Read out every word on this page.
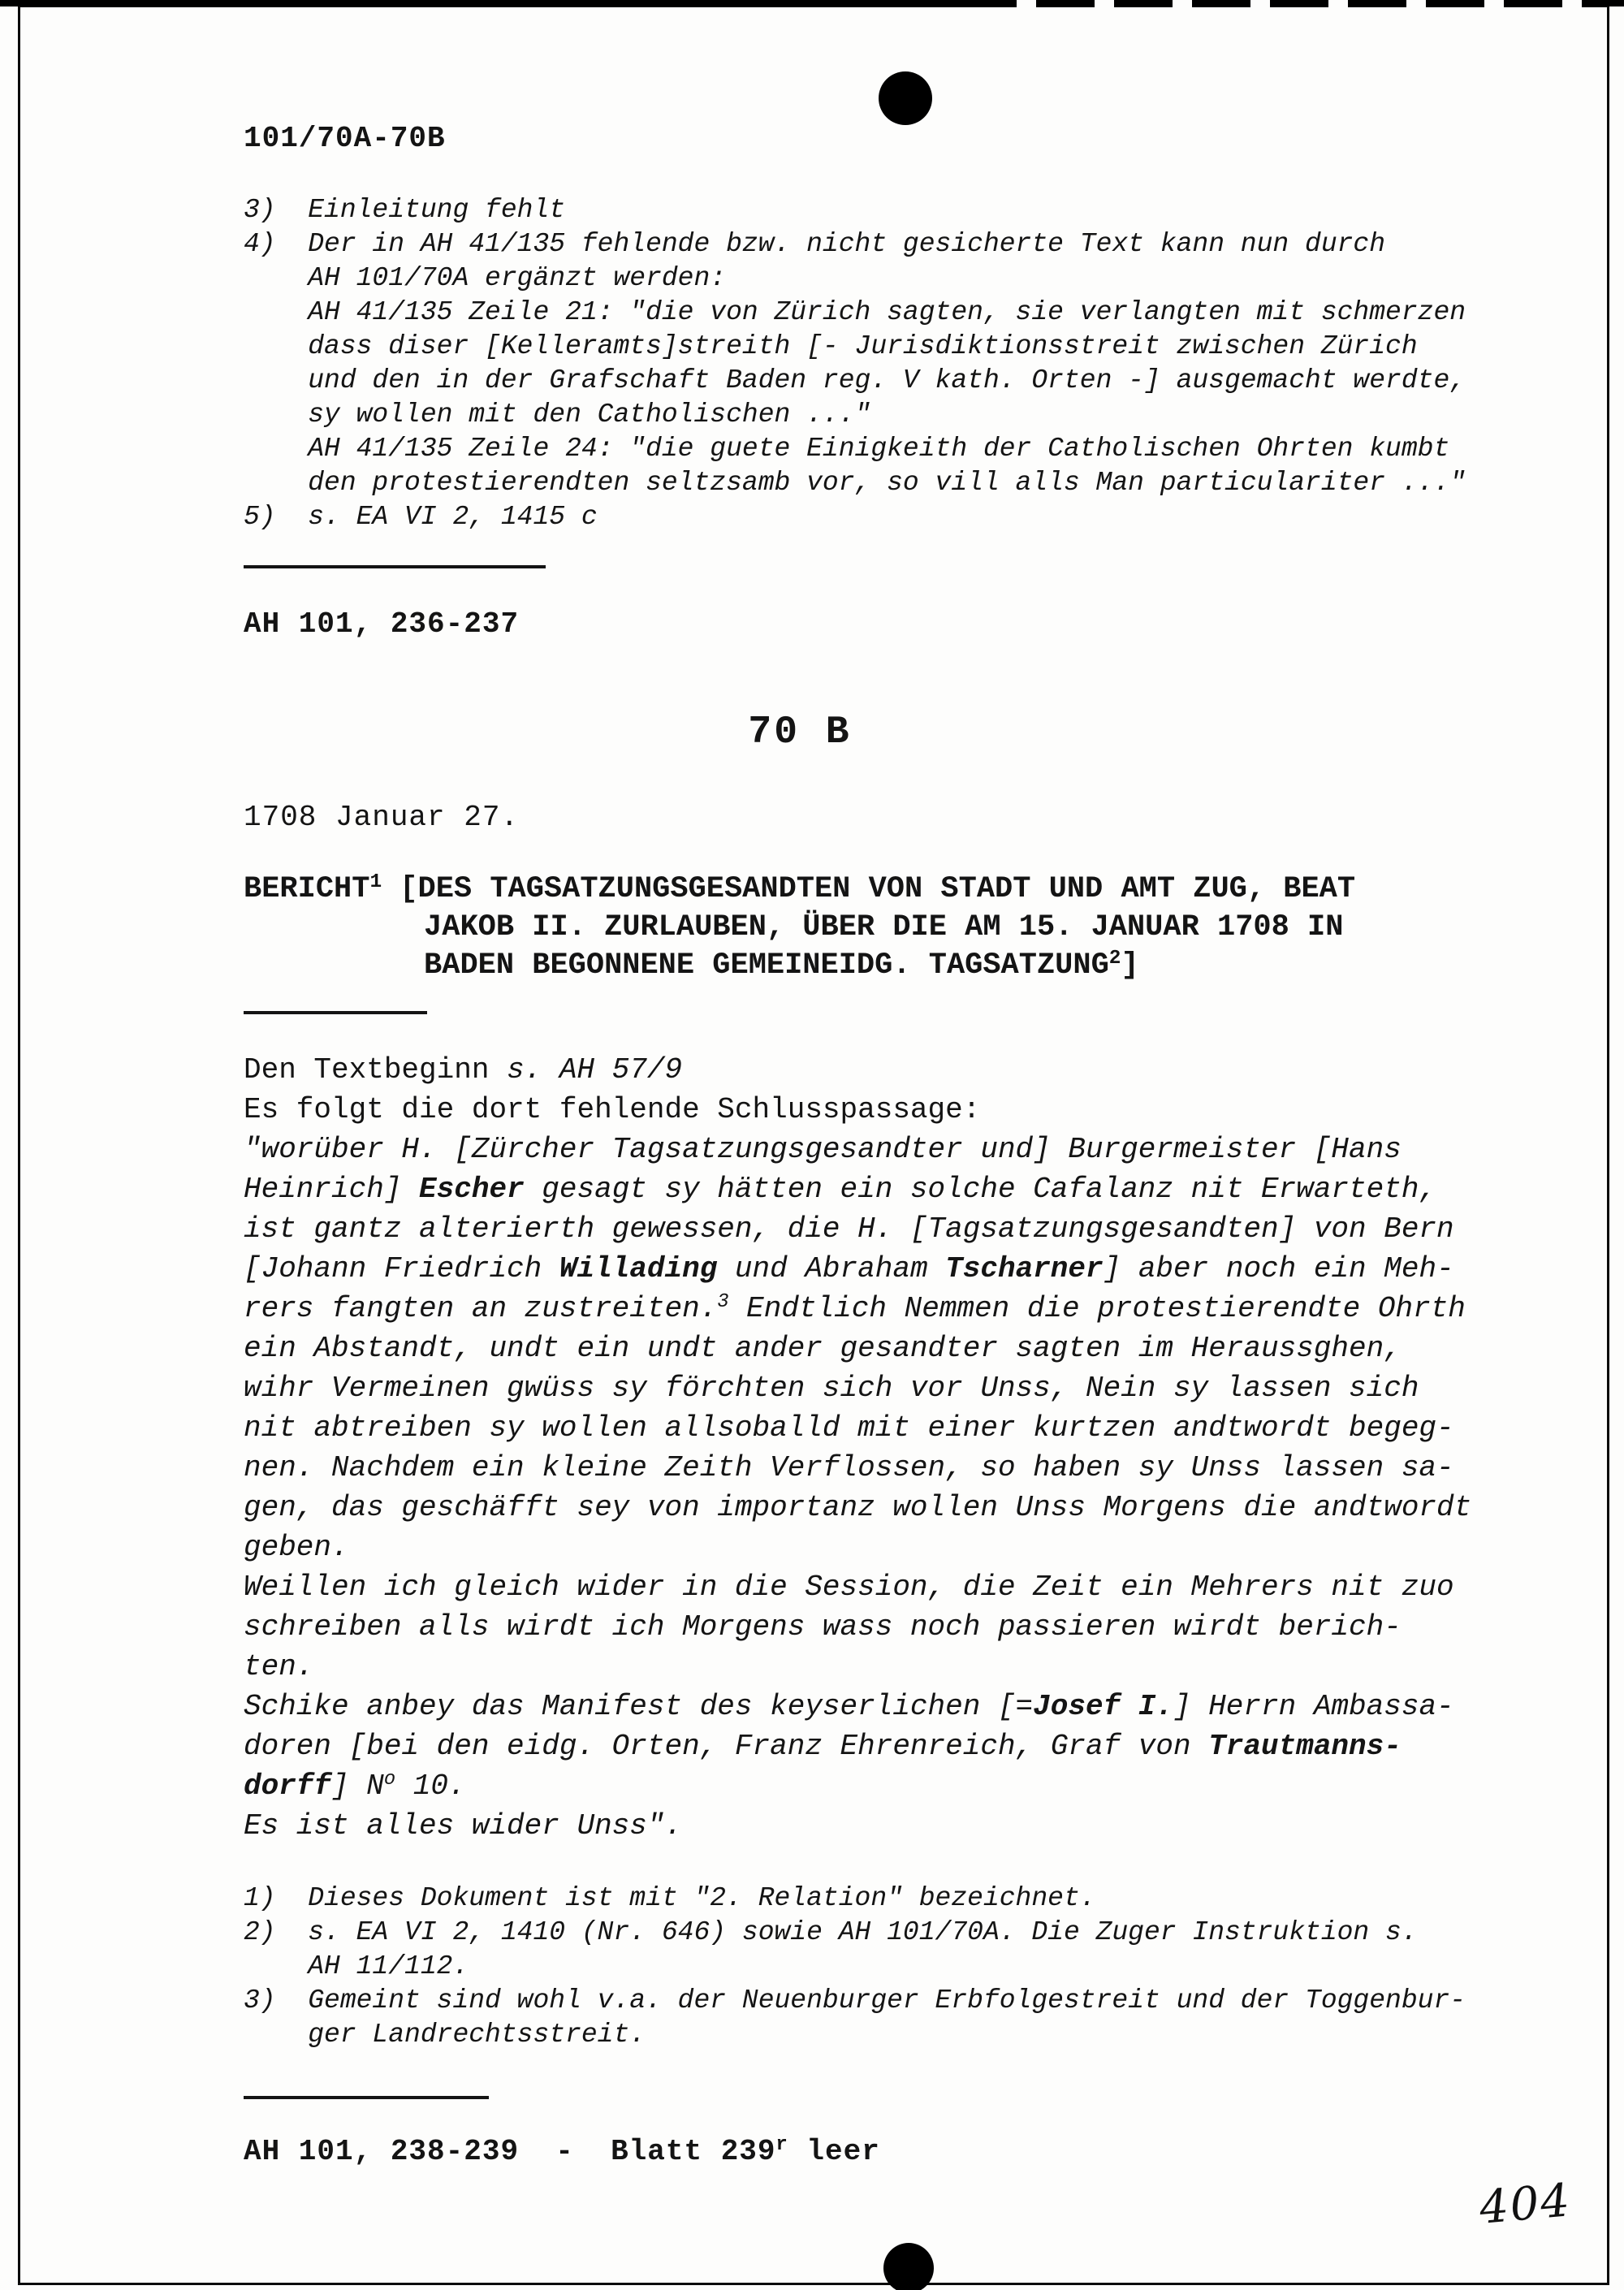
101/70A-70B
3)  Einleitung fehlt
4)  Der in AH 41/135 fehlende bzw. nicht gesicherte Text kann nun durch
AH 101/70A ergänzt werden:
AH 41/135 Zeile 21: "die von Zürich sagten, sie verlangten mit schmerzen
dass diser [Kelleramts]streith [- Jurisdiktionsstreit zwischen Zürich
und den in der Grafschaft Baden reg. V kath. Orten -] ausgemacht werdte,
sy wollen mit den Catholischen ..."
AH 41/135 Zeile 24: "die guete Einigkeith der Catholischen Ohrten kumbt
den protestierendten seltzsamb vor, so vill alls Man particulariter ..."
5)  s. EA VI 2, 1415 c
AH 101, 236-237
70 B
1708 Januar 27.
BERICHT$^1$ [DES TAGSATZUNGSGESANDTEN VON STADT UND AMT ZUG, BEAT
JAKOB II. ZURLAUBEN, ÜBER DIE AM 15. JANUAR 1708 IN
BADEN BEGONNENE GEMEINEIDG. TAGSATZUNG$^2$]
Den Textbeginn s. AH 57/9
Es folgt die dort fehlende Schlusspassage:
"worüber H. [Zürcher Tagsatzungsgesandter und] Burgermeister [Hans
Heinrich] Escher gesagt sy hätten ein solche Cafalanz nit Erwarteth,
ist gantz alterierth gewessen, die H. [Tagsatzungsgesandten] von Bern
[Johann Friedrich Willading und Abraham Tscharner] aber noch ein Meh-
rers fangten an zustreiten.$^3$ Endtlich Nemmen die protestierendte Ohrth
ein Abstandt, undt ein undt ander gesandter sagten im Heraussghen,
wihr Vermeinen gwüss sy förchten sich vor Unss, Nein sy lassen sich
nit abtreiben sy wollen allsoballd mit einer kurtzen andtwordt begeg-
nen. Nachdem ein kleine Zeith Verflossen, so haben sy Unss lassen sa-
gen, das geschäfft sey von importanz wollen Unss Morgens die andtwordt
geben.
Weillen ich gleich wider in die Session, die Zeit ein Mehrers nit zuo
schreiben alls wirdt ich Morgens wass noch passieren wirdt berich-
ten.
Schike anbey das Manifest des keyserlichen [=Josef I.] Herrn Ambassa-
doren [bei den eidg. Orten, Franz Ehrenreich, Graf von Trautmanns-
dorff] $N^o$ 10.
Es ist alles wider Unss".
1)  Dieses Dokument ist mit "2. Relation" bezeichnet.
2)  s. EA VI 2, 1410 (Nr. 646) sowie AH 101/70A. Die Zuger Instruktion s.
AH 11/112.
3)  Gemeint sind wohl v.a. der Neuenburger Erbfolgestreit und der Toggenbur-
ger Landrechtsstreit.
AH 101, 238-239  -  Blatt 239$^r$ leer
404
